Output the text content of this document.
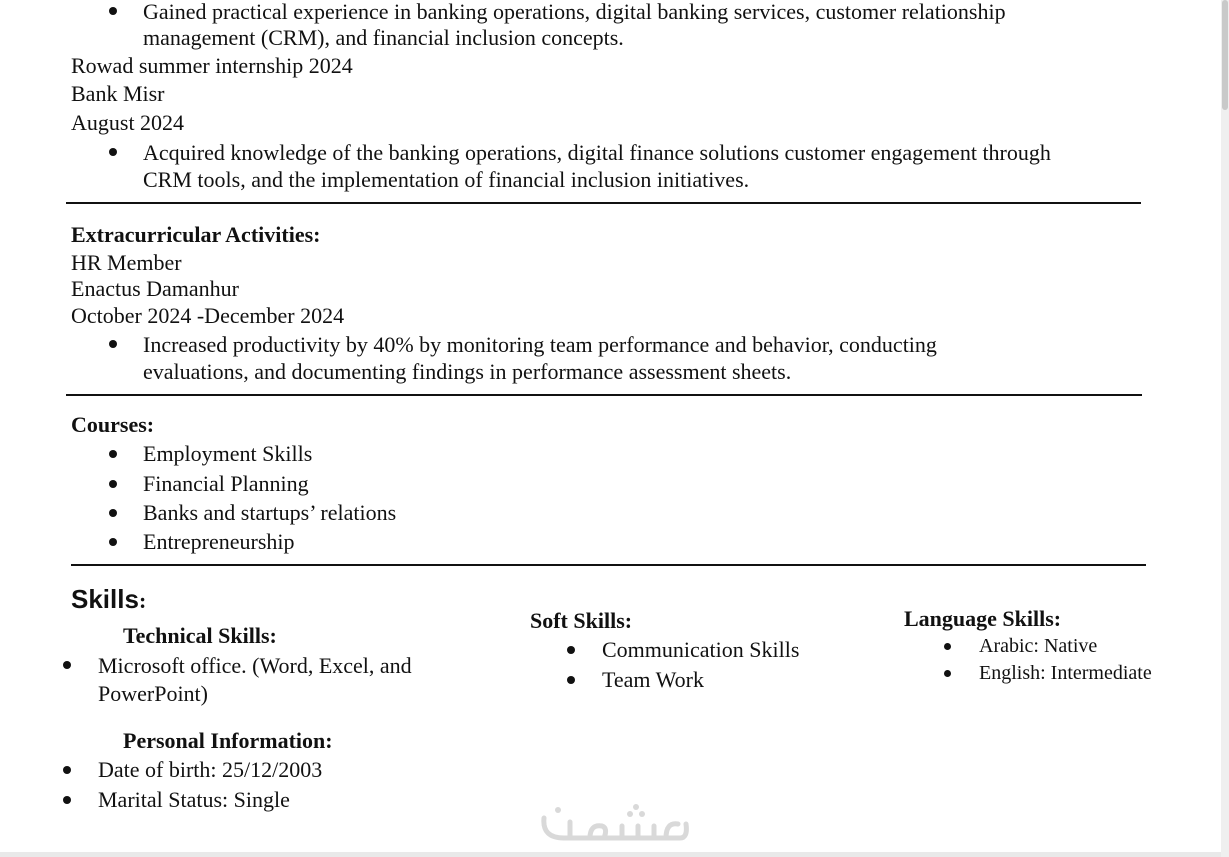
Gained practical experience in banking operations, digital banking services, customer relationship
management (CRM), and financial inclusion concepts.
Rowad summer internship 2024
Bank Misr
August 2024
Acquired knowledge of the banking operations, digital finance solutions customer engagement through
CRM tools, and the implementation of financial inclusion initiatives.
Extracurricular Activities:
HR Member
Enactus Damanhur
October 2024 -December 2024
Increased productivity by 40% by monitoring team performance and behavior, conducting
evaluations, and documenting findings in performance assessment sheets.
Courses:
Employment Skills
Financial Planning
Banks and startups’ relations
Entrepreneurship
Skills:
Technical Skills:
Microsoft office. (Word, Excel, and
PowerPoint)
Personal Information:
Date of birth: 25/12/2003
Marital Status: Single
Soft Skills:
Communication Skills
Team Work
Language Skills:
Arabic: Native
English: Intermediate
